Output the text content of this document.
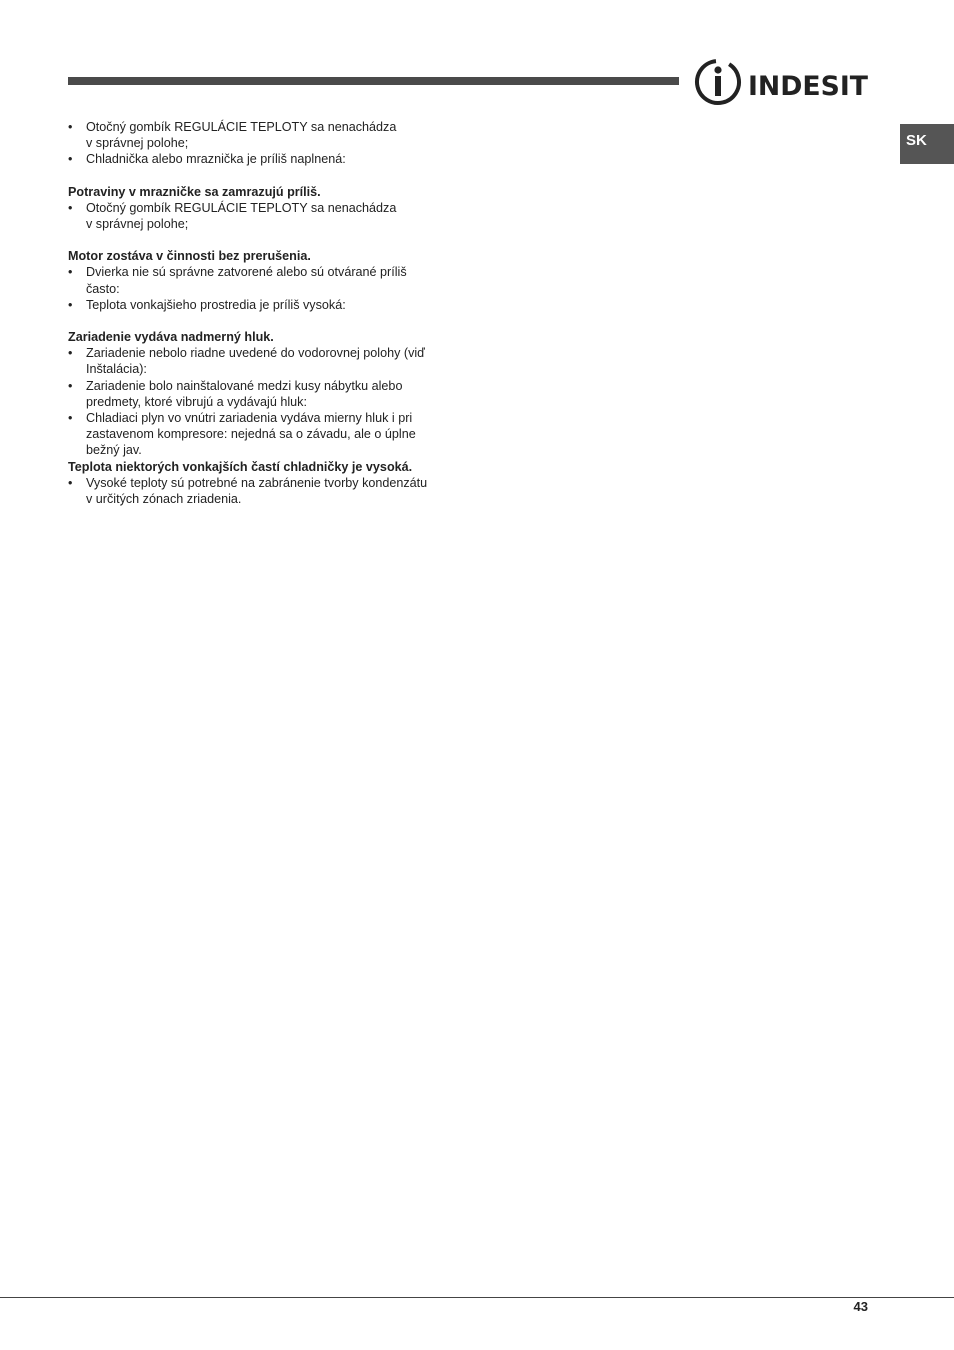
INDESIT
SK
• Otočný gombík REGULÁCIE TEPLOTY sa nenachádza
v správnej polohe;
• Chladnička alebo mraznička je príliš naplnená:

Potraviny v mrazničke sa zamrazujú príliš.

• Otočný gombík REGULÁCIE TEPLOTY sa nenachádza
v správnej polohe;

Motor zostáva v činnosti bez prerušenia.

• Dvierka nie sú správne zatvorené alebo sú otvárané príliš
často:
• Teplota vonkajšieho prostredia je príliš vysoká:

Zariadenie vydáva nadmerný hluk.

• Zariadenie nebolo riadne uvedené do vodorovnej polohy (viď
Inštalácia):
• Zariadenie bolo nainštalované medzi kusy nábytku alebo
predmety, ktoré vibrujú a vydávajú hluk:
• Chladiaci plyn vo vnútri zariadenia vydáva mierny hluk i pri
zastavenom kompresore: nejedná sa o závadu, ale o úplne
bežný jav.

Teplota niektorých vonkajších častí chladničky je vysoká.

• Vysoké teploty sú potrebné na zabránenie tvorby kondenzátu
v určitých zónach zriadenia.
43
